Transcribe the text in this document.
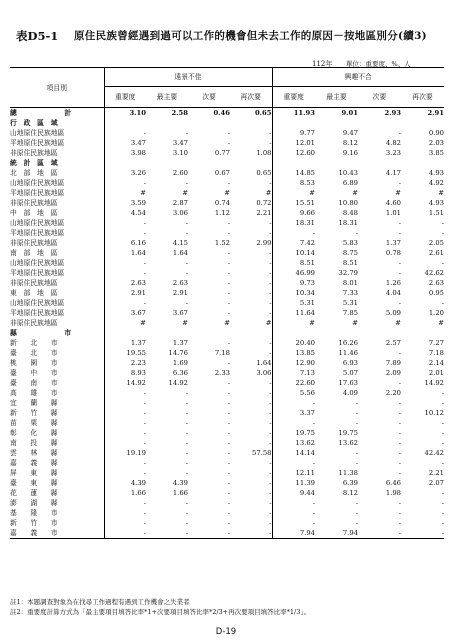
表D5-1 原住民族曾經遇到過可以工作的機會但未去工作的原因－按地區別分(續3)
112年 單位：重要度、%、人
項目別	遠景不佳				興趣不合			
	重要度	最主要	次要	再次要	重要度	最主要	次要	再次要
總　　　　　　　計	3.10	2.58	0.46	0.65	11.93	9.01	2.93	2.91
行　政　區　域								
山地原住民族地區	-	-	-	-	9.77	9.47	-	0.90
平地原住民族地區	3.47	3.47	-	-	12.01	8.12	4.82	2.03
非原住民族地區	3.98	3.10	0.77	1.08	12.60	9.16	3.23	3.85
統　計　區　域								
北　部　地　區	3.26	2.60	0.67	0.65	14.85	10.43	4.17	4.93
山地原住民族地區	-	-	-	-	8.53	6.89	-	4.92
平地原住民族地區	#	#	#	#	#	#	#	#
非原住民族地區	3.59	2.87	0.74	0.72	15.51	10.80	4.60	4.93
中　部　地　區	4.54	3.06	1.12	2.21	9.66	8.48	1.01	1.51
山地原住民族地區	-	-	-	-	18.31	18.31	-	-
平地原住民族地區	-	-	-	-	-	-	-	-
非原住民族地區	6.16	4.15	1.52	2.99	7.42	5.83	1.37	2.05
南　部　地　區	1.64	1.64	-	-	10.14	8.75	0.78	2.61
山地原住民族地區	-	-	-	-	8.51	8.51	-	-
平地原住民族地區	-	-	-	-	46.99	32.79	-	42.62
非原住民族地區	2.63	2.63	-	-	9.73	8.01	1.26	2.63
東　部　地　區	2.91	2.91	-	-	10.34	7.33	4.04	0.95
山地原住民族地區	-	-	-	-	5.31	5.31	-	-
平地原住民族地區	3.67	3.67	-	-	11.64	7.85	5.09	1.20
非原住民族地區	#	#	#	#	#	#	#	#
縣　　　　　　　市								
新　　北　　市	1.37	1.37	-	-	20.40	16.26	2.57	7.27
臺　　北　　市	19.55	14.76	7.18	-	13.85	11.46	-	7.18
桃　　園　　市	2.23	1.69	-	1.64	12.90	6.93	7.89	2.14
臺　　中　　市	8.93	6.36	2.33	3.06	7.13	5.07	2.09	2.01
臺　　南　　市	14.92	14.92	-	-	22.60	17.63	-	14.92
高　　雄　　市	-	-	-	-	5.56	4.09	2.20	-
宜　　蘭　　縣	-	-	-	-	-	-	-	-
新　　竹　　縣	-	-	-	-	3.37	-	-	10.12
苗　　栗　　縣	-	-	-	-	-	-	-	-
彰　　化　　縣	-	-	-	-	19.75	19.75	-	-
南　　投　　縣	-	-	-	-	13.62	13.62	-	-
雲　　林　　縣	19.19	-	-	57.58	14.14	-	-	42.42
嘉　　義　　縣	-	-	-	-	-	-	-	-
屏　　東　　縣	-	-	-	-	12.11	11.38	-	2.21
臺　　東　　縣	4.39	4.39	-	-	11.39	6.39	6.46	2.07
花　　蓮　　縣	1.66	1.66	-	-	9.44	8.12	1.98	-
澎　　湖　　縣	-	-	-	-	-	-	-	-
基　　隆　　市	-	-	-	-	-	-	-	-
新　　竹　　市	-	-	-	-	-	-	-	-
嘉　　義　　市	-	-	-	-	7.94	7.94	-	-
註1：本題調查對象為在找尋工作過程有遇到工作機會之失業者
註2：重要度計算方式為「最主要項目填答比率*1+次要項目填答比率*2/3+再次要項目填答比率*1/3」。
D-19
